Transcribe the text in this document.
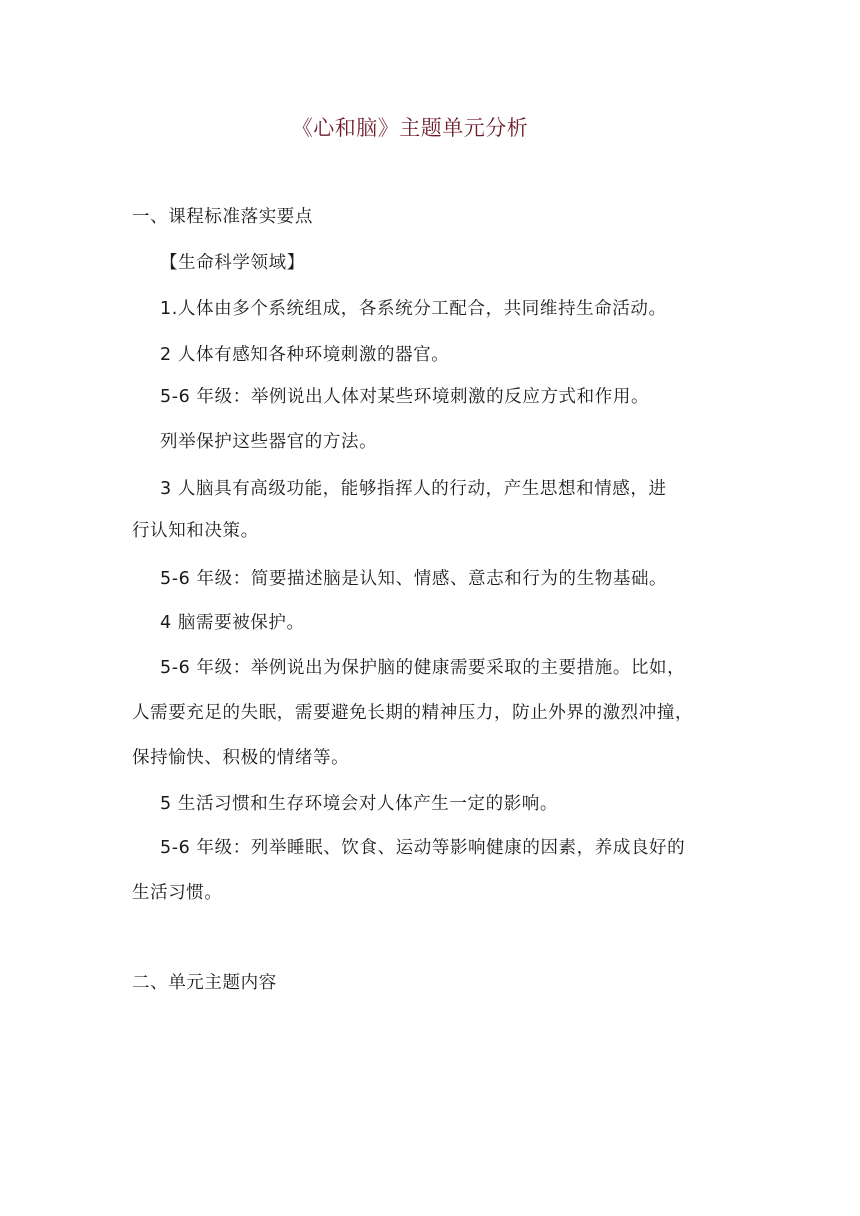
《心和脑》主题单元分析
一、课程标准落实要点
【生命科学领域】
1.人体由多个系统组成，各系统分工配合，共同维持生命活动。
2 人体有感知各种环境刺激的器官。
5-6 年级：举例说出人体对某些环境刺激的反应方式和作用。
列举保护这些器官的方法。
3 人脑具有高级功能，能够指挥人的行动，产生思想和情感，进
行认知和决策。
5-6 年级：简要描述脑是认知、情感、意志和行为的生物基础。
4 脑需要被保护。
5-6 年级：举例说出为保护脑的健康需要采取的主要措施。比如，
人需要充足的失眠，需要避免长期的精神压力，防止外界的激烈冲撞，
保持愉快、积极的情绪等。
5 生活习惯和生存环境会对人体产生一定的影响。
5-6 年级：列举睡眠、饮食、运动等影响健康的因素，养成良好的
生活习惯。
二、单元主题内容
